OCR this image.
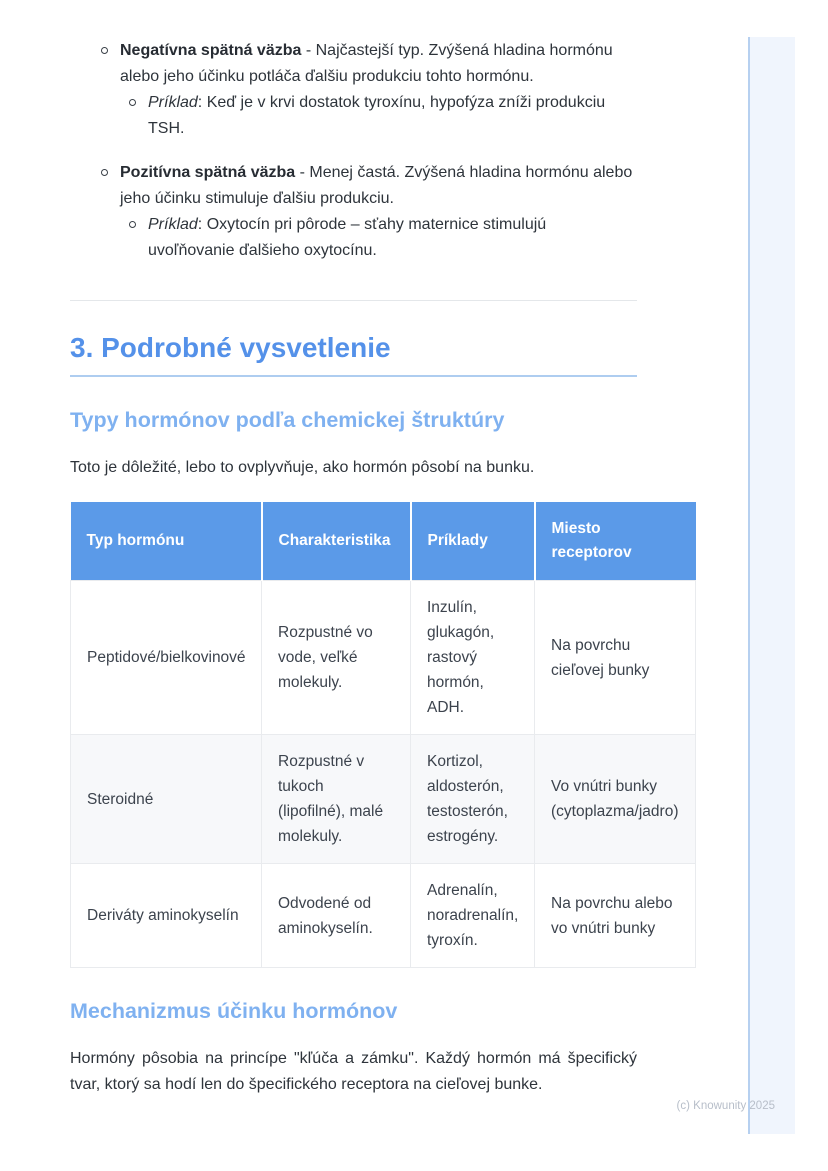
Negatívna spätná väzba - Najčastejší typ. Zvýšená hladina hormónu alebo jeho účinku potláča ďalšiu produkciu tohto hormónu.
Príklad: Keď je v krvi dostatok tyroxínu, hypofýza zníži produkciu TSH.
Pozitívna spätná väzba - Menej častá. Zvýšená hladina hormónu alebo jeho účinku stimuluje ďalšiu produkciu.
Príklad: Oxytocín pri pôrode – sťahy maternice stimulujú uvoľňovanie ďalšieho oxytocínu.
3. Podrobné vysvetlenie
Typy hormónov podľa chemickej štruktúry

Toto je dôležité, lebo to ovplyvňuje, ako hormón pôsobí na bunku.

Typ hormónu	Charakteristika	Príklady	Miesto receptorov
Peptidové/bielkovinové	Rozpustné vo vode, veľké molekuly.	Inzulín, glukagón, rastový hormón, ADH.	Na povrchu cieľovej bunky
Steroidné	Rozpustné v tukoch (lipofilné), malé molekuly.	Kortizol, aldosterón, testosterón, estrogény.	Vo vnútri bunky (cytoplazma/jadro)
Deriváty aminokyselín	Odvodené od aminokyselín.	Adrenalín, noradrenalín, tyroxín.	Na povrchu alebo vo vnútri bunky
Mechanizmus účinku hormónov

Hormóny pôsobia na princípe "kľúča a zámku". Každý hormón má špecifický tvar, ktorý sa hodí len do špecifického receptora na cieľovej bunke.

(c) Knowunity 2025
